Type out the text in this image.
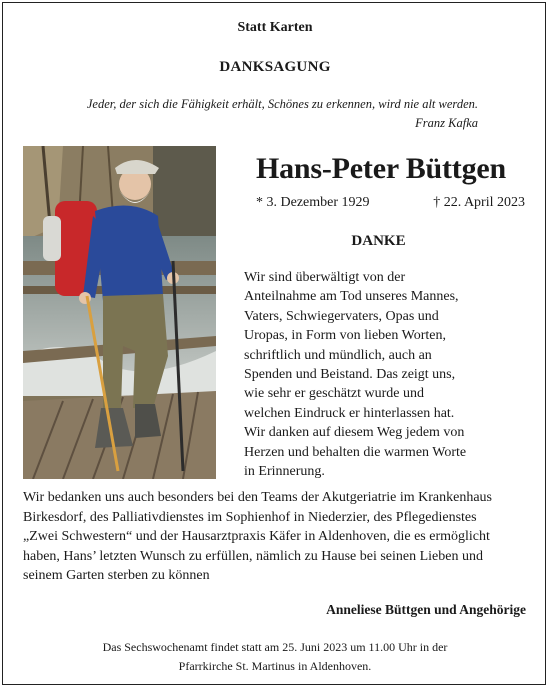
Statt Karten
DANKSAGUNG
Jeder, der sich die Fähigkeit erhält, Schönes zu erkennen, wird nie alt werden.
Franz Kafka
Hans-Peter Büttgen
* 3. Dezember 1929	† 22. April 2023
DANKE
Wir sind überwältigt von der
Anteilnahme am Tod unseres Mannes,
Vaters, Schwiegervaters, Opas und
Uropas, in Form von lieben Worten,
schriftlich und mündlich, auch an
Spenden und Beistand. Das zeigt uns,
wie sehr er geschätzt wurde und
welchen Eindruck er hinterlassen hat.
Wir danken auf diesem Weg jedem von
Herzen und behalten die warmen Worte
in Erinnerung.
Wir bedanken uns auch besonders bei den Teams der Akutgeriatrie im Krankenhaus
Birkesdorf, des Palliativdienstes im Sophienhof in Niederzier, des Pflegedienstes
„Zwei Schwestern“ und der Hausarztpraxis Käfer in Aldenhoven, die es ermöglicht
haben, Hans’ letzten Wunsch zu erfüllen, nämlich zu Hause bei seinen Lieben und
seinem Garten sterben zu können
Anneliese Büttgen und Angehörige
Das Sechswochenamt findet statt am 25. Juni 2023 um 11.00 Uhr in der
Pfarrkirche St. Martinus in Aldenhoven.
